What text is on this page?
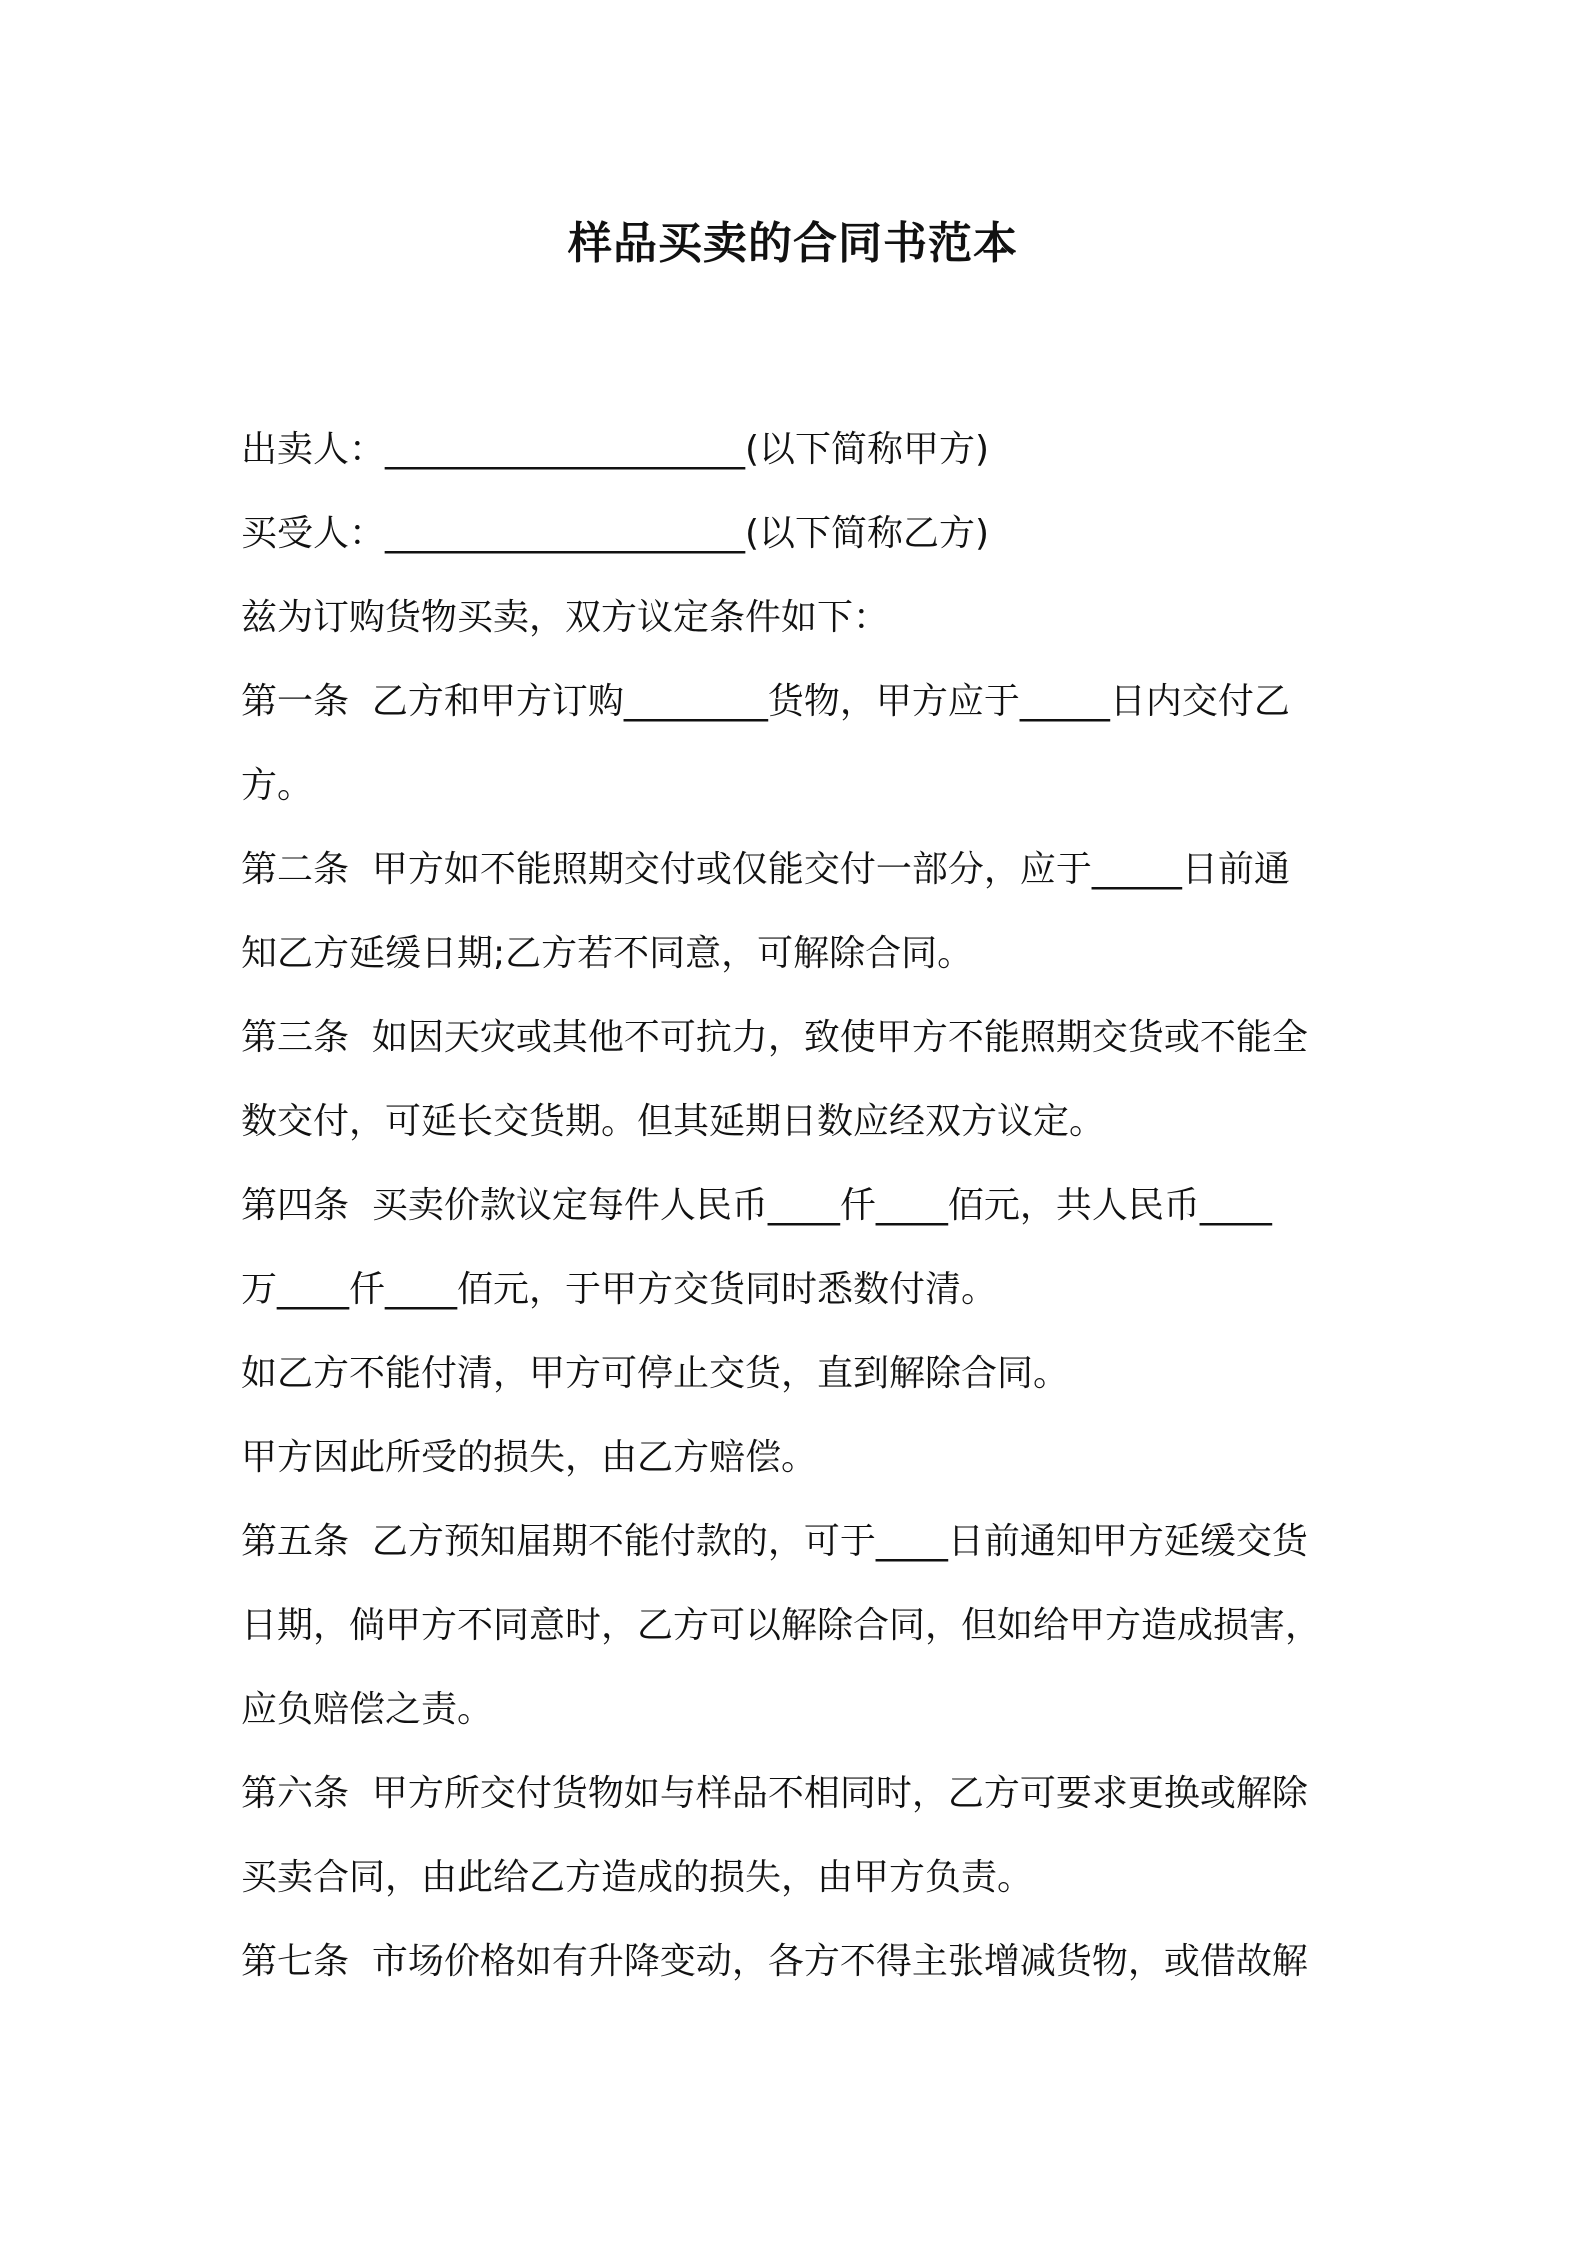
样品买卖的合同书范本
出卖人：____________________(以下简称甲方)
买受人：____________________(以下简称乙方)
兹为订购货物买卖，双方议定条件如下：
第一条  乙方和甲方订购________货物，甲方应于_____日内交付乙
方。
第二条  甲方如不能照期交付或仅能交付一部分，应于_____日前通
知乙方延缓日期;乙方若不同意，可解除合同。
第三条  如因天灾或其他不可抗力，致使甲方不能照期交货或不能全
数交付，可延长交货期。但其延期日数应经双方议定。
第四条  买卖价款议定每件人民币____仟____佰元，共人民币____
万____仟____佰元，于甲方交货同时悉数付清。
如乙方不能付清，甲方可停止交货，直到解除合同。
甲方因此所受的损失，由乙方赔偿。
第五条  乙方预知届期不能付款的，可于____日前通知甲方延缓交货
日期，倘甲方不同意时，乙方可以解除合同，但如给甲方造成损害，
应负赔偿之责。
第六条  甲方所交付货物如与样品不相同时，乙方可要求更换或解除
买卖合同，由此给乙方造成的损失，由甲方负责。
第七条  市场价格如有升降变动，各方不得主张增减货物，或借故解
